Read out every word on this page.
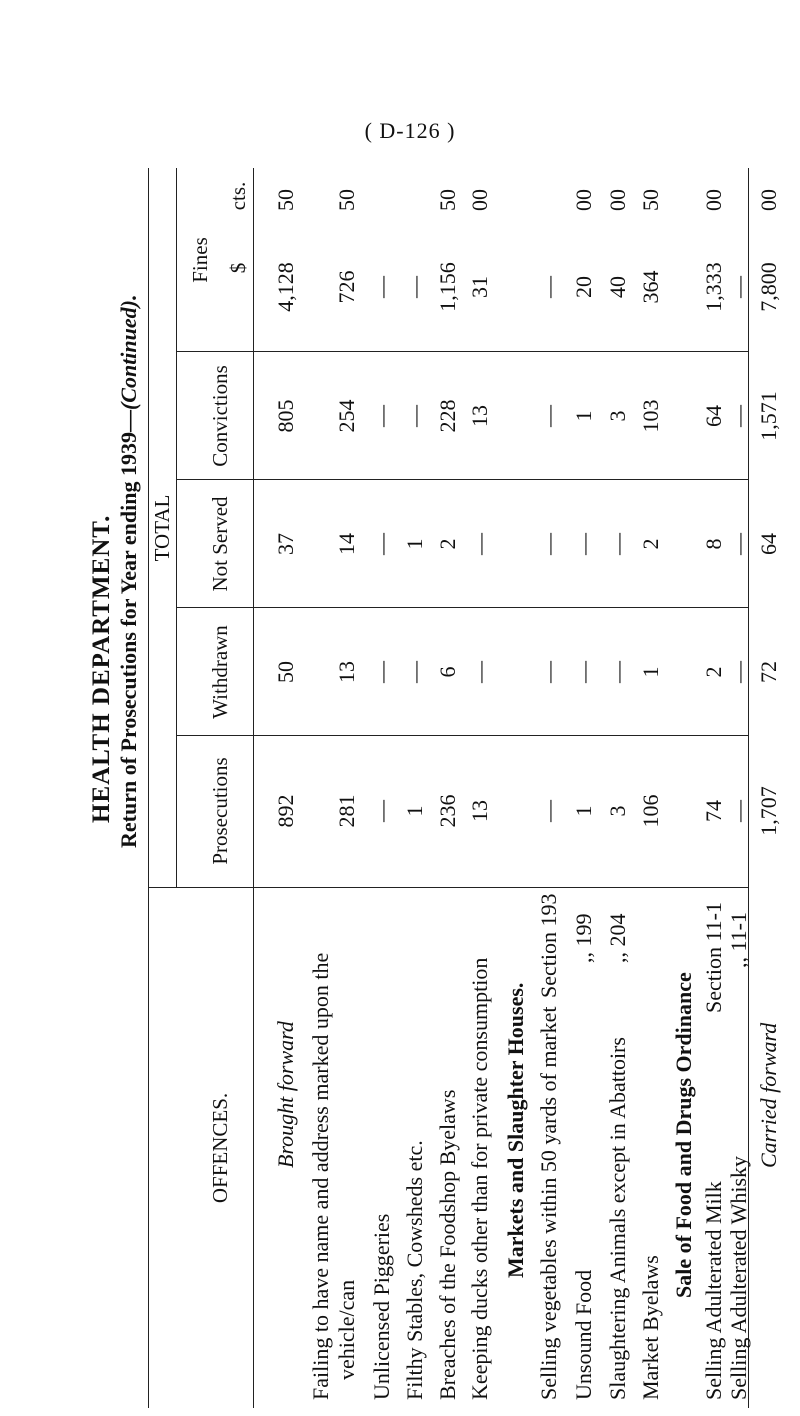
( D-126 )
HEALTH DEPARTMENT. Return of Prosecutions for Year ending 1939—(Continued).
OFFENCES.
TOTAL
Prosecutions
Withdrawn
Not Served
Convictions
Fines $
cts.
Brought forward
892
50
37
805
4,128
50
Failing to have name and address marked upon the vehicle/can
281
13
14
254
726
50
Unlicensed Piggeries
—
—
—
—
—
Filthy Stables, Cowsheds etc.
1
—
1
—
—
Breaches of the Foodshop Byelaws
236
6
2
228
1,156
50
Keeping ducks other than for private consumption
13
—
—
13
31
00
Markets and Slaughter Houses. Selling vegetables within 50 yards of market
Section 193
—
—
—
—
—
Unsound Food
,, 199
1
—
—
1
20
00
Slaughtering Animals except in Abattoirs
,, 204
3
—
—
3
40
00
Market Byelaws
106
1
2
103
364
50
Sale of Food and Drugs Ordinance Selling Adulterated Milk
Section 11-1
74
2
8
64
1,333
00
Selling Adulterated Whisky
,, 11-1
—
—
—
—
—
Carried forward
1,707
72
64
1,571
7,800
00
